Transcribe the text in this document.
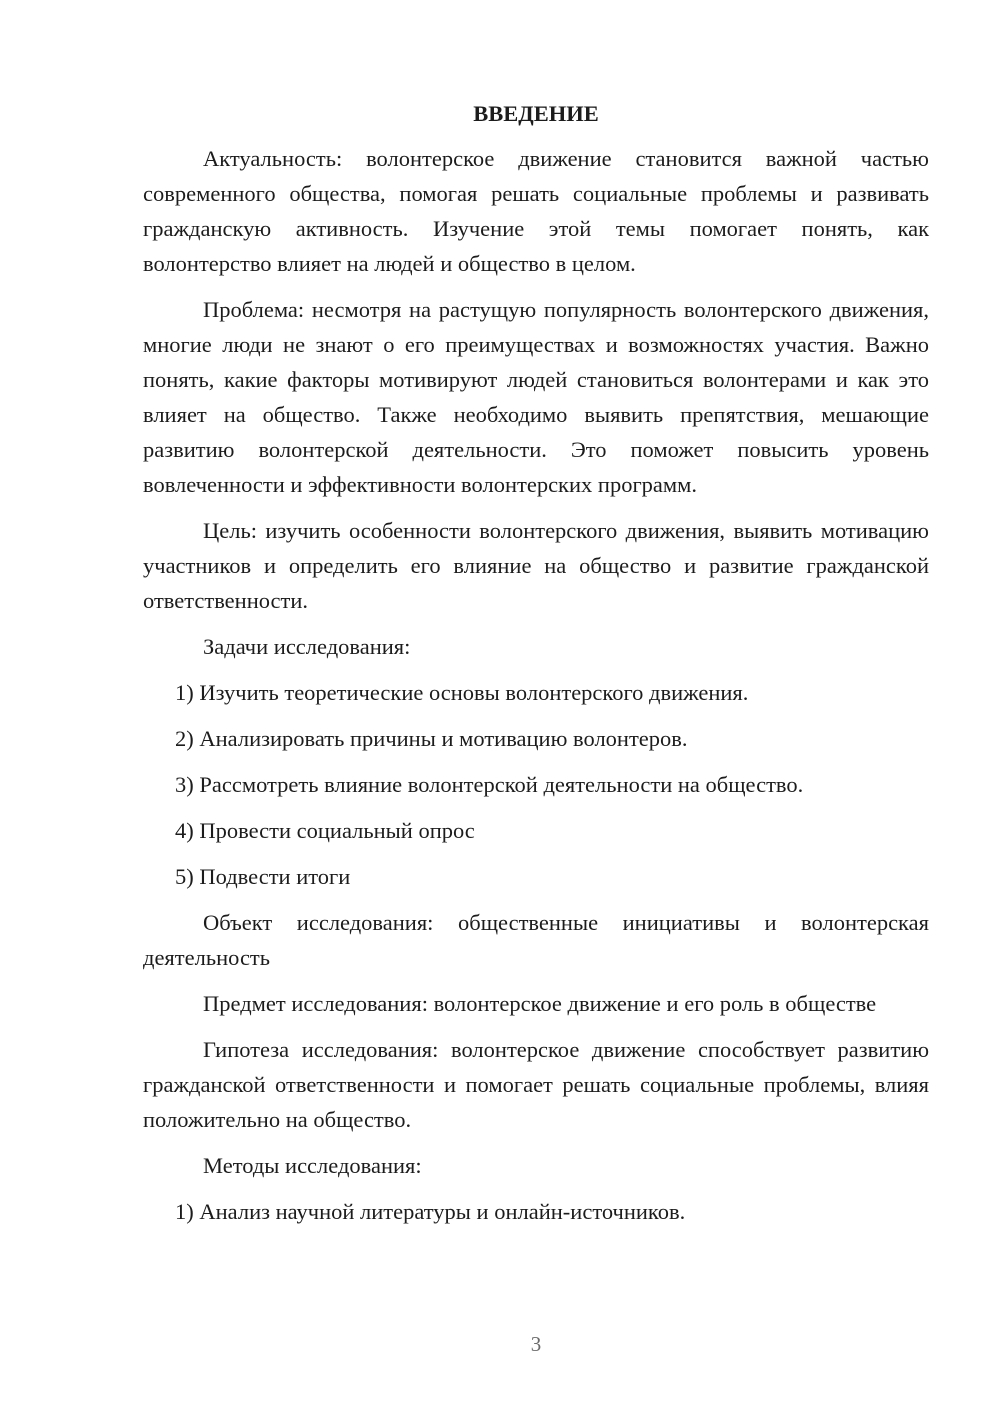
ВВЕДЕНИЕ

Актуальность: волонтерское движение становится важной частью современного общества, помогая решать социальные проблемы и развивать гражданскую активность. Изучение этой темы помогает понять, как волонтерство влияет на людей и общество в целом.

Проблема: несмотря на растущую популярность волонтерского движения, многие люди не знают о его преимуществах и возможностях участия. Важно понять, какие факторы мотивируют людей становиться волонтерами и как это влияет на общество. Также необходимо выявить препятствия, мешающие развитию волонтерской деятельности. Это поможет повысить уровень вовлеченности и эффективности волонтерских программ.

Цель: изучить особенности волонтерского движения, выявить мотивацию участников и определить его влияние на общество и развитие гражданской ответственности.

Задачи исследования:

1) Изучить теоретические основы волонтерского движения.

2) Анализировать причины и мотивацию волонтеров.

3) Рассмотреть влияние волонтерской деятельности на общество.

4) Провести социальный опрос

5) Подвести итоги

Объект исследования: общественные инициативы и волонтерская деятельность

Предмет исследования: волонтерское движение и его роль в обществе

Гипотеза исследования: волонтерское движение способствует развитию гражданской ответственности и помогает решать социальные проблемы, влияя положительно на общество.

Методы исследования:

1) Анализ научной литературы и онлайн-источников.

3
